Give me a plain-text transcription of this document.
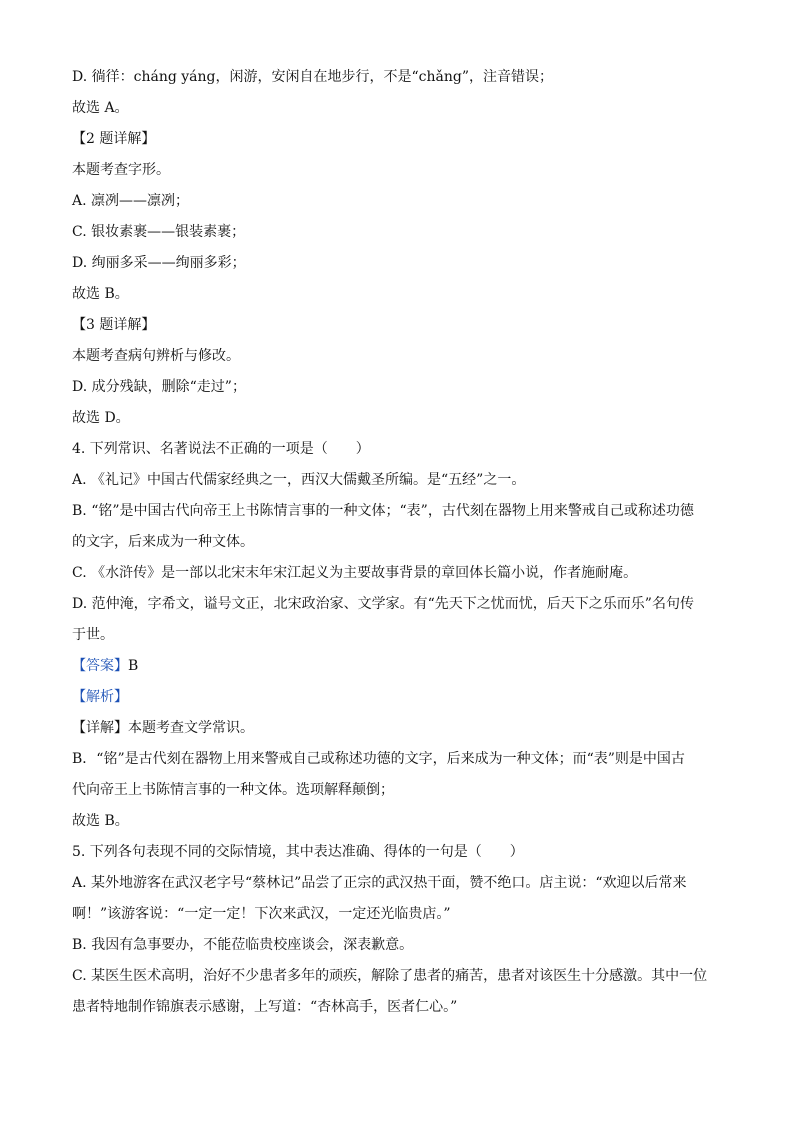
D. 徜徉：cháng yáng，闲游，安闲自在地步行，不是“chǎng”，注音错误；
故选 A。
【2 题详解】
本题考查字形。
A. 凛冽——凛冽；
C. 银妆素裹——银装素裹；
D. 绚丽多采——绚丽多彩；
故选 B。
【3 题详解】
本题考查病句辨析与修改。
D. 成分残缺，删除“走过”；
故选 D。
4. 下列常识、名著说法不正确的一项是（　　）
A. 《礼记》中国古代儒家经典之一，西汉大儒戴圣所编。是“五经”之一。
B. “铭”是中国古代向帝王上书陈情言事的一种文体；“表”，古代刻在器物上用来警戒自己或称述功德
的文字，后来成为一种文体。
C. 《水浒传》是一部以北宋末年宋江起义为主要故事背景的章回体长篇小说，作者施耐庵。
D. 范仲淹，字希文，谥号文正，北宋政治家、文学家。有“先天下之忧而忧，后天下之乐而乐”名句传
于世。
【答案】B
【解析】
【详解】本题考查文学常识。
B．“铭”是古代刻在器物上用来警戒自己或称述功德的文字，后来成为一种文体；而“表”则是中国古
代向帝王上书陈情言事的一种文体。选项解释颠倒；
故选 B。
5. 下列各句表现不同的交际情境，其中表达准确、得体的一句是（　　）
A. 某外地游客在武汉老字号“蔡林记”品尝了正宗的武汉热干面，赞不绝口。店主说：“欢迎以后常来
啊！”该游客说：“一定一定！下次来武汉，一定还光临贵店。”
B. 我因有急事要办，不能莅临贵校座谈会，深表歉意。
C. 某医生医术高明，治好不少患者多年的顽疾，解除了患者的痛苦，患者对该医生十分感激。其中一位
患者特地制作锦旗表示感谢，上写道：“杏林高手，医者仁心。”
